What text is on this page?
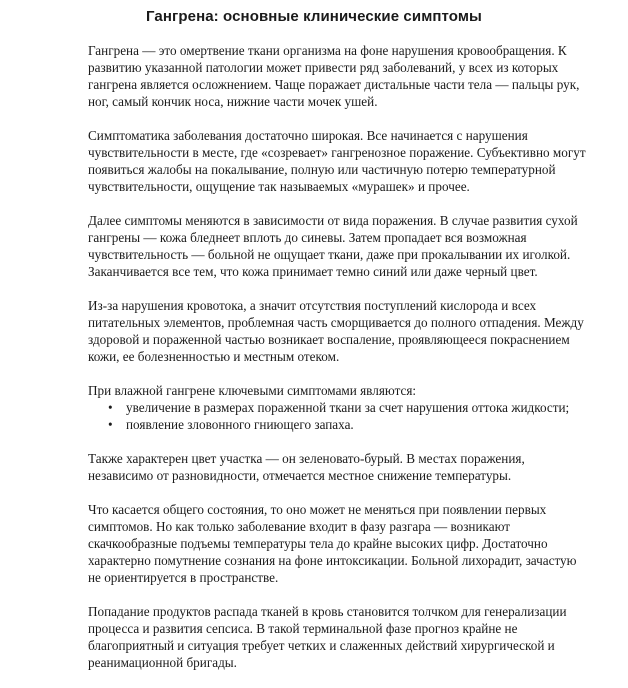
Гангрена: основные клинические симптомы

Гангрена — это омертвение ткани организма на фоне нарушения кровообращения. К развитию указанной патологии может привести ряд заболеваний, у всех из которых гангрена является осложнением. Чаще поражает дистальные части тела — пальцы рук, ног, самый кончик носа, нижние части мочек ушей.

Симптоматика заболевания достаточно широкая. Все начинается с нарушения чувствительности в месте, где «созревает» гангренозное поражение. Субъективно могут появиться жалобы на покалывание, полную или частичную потерю температурной чувствительности, ощущение так называемых «мурашек» и прочее.

Далее симптомы меняются в зависимости от вида поражения. В случае развития сухой гангрены — кожа бледнеет вплоть до синевы. Затем пропадает вся возможная чувствительность — больной не ощущает ткани, даже при прокалывании их иголкой. Заканчивается все тем, что кожа принимает темно синий или даже черный цвет.

Из-за нарушения кровотока, а значит отсутствия поступлений кислорода и всех питательных элементов, проблемная часть сморщивается до полного отпадения. Между здоровой и пораженной частью возникает воспаление, проявляющееся покраснением кожи, ее болезненностью и местным отеком.

При влажной гангрене ключевыми симптомами являются:

• увеличение в размерах пораженной ткани за счет нарушения оттока жидкости;
• появление зловонного гниющего запаха.

Также характерен цвет участка — он зеленовато-бурый. В местах поражения, независимо от разновидности, отмечается местное снижение температуры.

Что касается общего состояния, то оно может не меняться при появлении первых симптомов. Но как только заболевание входит в фазу разгара — возникают скачкообразные подъемы температуры тела до крайне высоких цифр. Достаточно характерно помутнение сознания на фоне интоксикации. Больной лихорадит, зачастую не ориентируется в пространстве.

Попадание продуктов распада тканей в кровь становится толчком для генерализации процесса и развития сепсиса. В такой терминальной фазе прогноз крайне не благоприятный и ситуация требует четких и слаженных действий хирургической и реанимационной бригады.
